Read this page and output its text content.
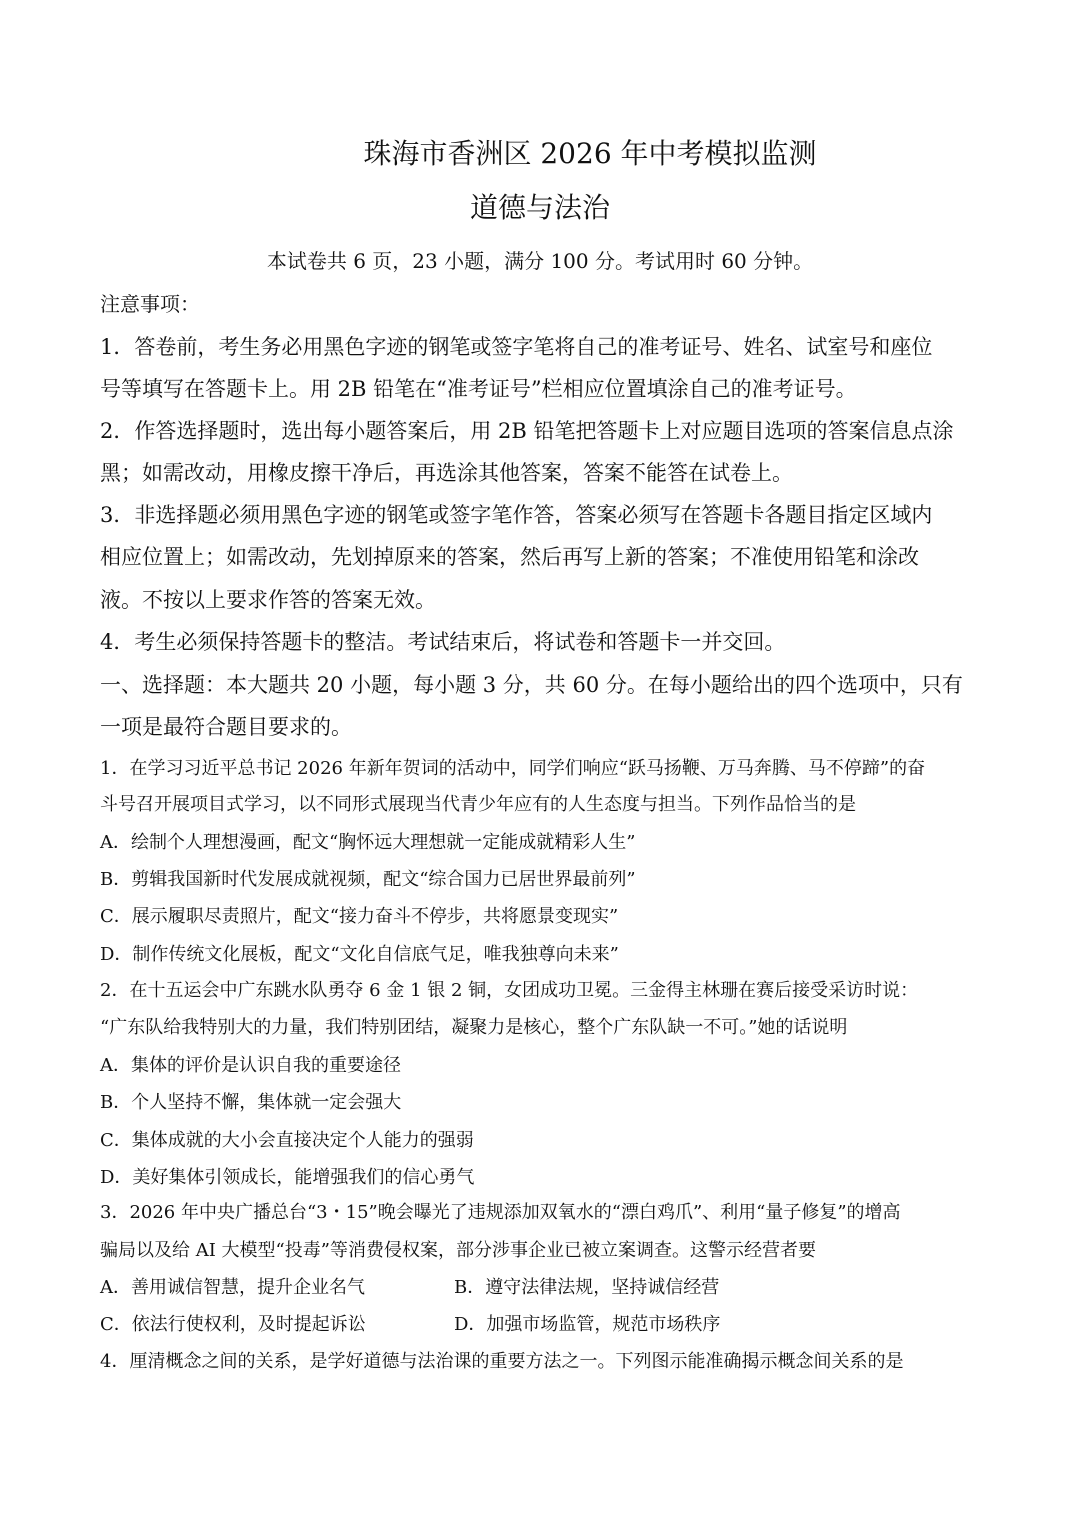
珠海市香洲区 2026 年中考模拟监测
道德与法治
本试卷共 6 页，23 小题，满分 100 分。考试用时 60 分钟。
注意事项：
1．答卷前，考生务必用黑色字迹的钢笔或签字笔将自己的准考证号、姓名、试室号和座位
号等填写在答题卡上。用 2B 铅笔在“准考证号”栏相应位置填涂自己的准考证号。
2．作答选择题时，选出每小题答案后，用 2B 铅笔把答题卡上对应题目选项的答案信息点涂
黑；如需改动，用橡皮擦干净后，再选涂其他答案，答案不能答在试卷上。
3．非选择题必须用黑色字迹的钢笔或签字笔作答，答案必须写在答题卡各题目指定区域内
相应位置上；如需改动，先划掉原来的答案，然后再写上新的答案；不准使用铅笔和涂改
液。不按以上要求作答的答案无效。
4．考生必须保持答题卡的整洁。考试结束后，将试卷和答题卡一并交回。
一、选择题：本大题共 20 小题，每小题 3 分，共 60 分。在每小题给出的四个选项中，只有
一项是最符合题目要求的。
1．在学习习近平总书记 2026 年新年贺词的活动中，同学们响应“跃马扬鞭、万马奔腾、马不停蹄”的奋
斗号召开展项目式学习，以不同形式展现当代青少年应有的人生态度与担当。下列作品恰当的是
A．绘制个人理想漫画，配文“胸怀远大理想就一定能成就精彩人生”
B．剪辑我国新时代发展成就视频，配文“综合国力已居世界最前列”
C．展示履职尽责照片，配文“接力奋斗不停步，共将愿景变现实”
D．制作传统文化展板，配文“文化自信底气足，唯我独尊向未来”
2．在十五运会中广东跳水队勇夺 6 金 1 银 2 铜，女团成功卫冕。三金得主林珊在赛后接受采访时说：
“广东队给我特别大的力量，我们特别团结，凝聚力是核心，整个广东队缺一不可。”她的话说明
A．集体的评价是认识自我的重要途径
B．个人坚持不懈，集体就一定会强大
C．集体成就的大小会直接决定个人能力的强弱
D．美好集体引领成长，能增强我们的信心勇气
3．2026 年中央广播总台“3・15”晚会曝光了违规添加双氧水的“漂白鸡爪”、利用“量子修复”的增高
骗局以及给 AI 大模型“投毒”等消费侵权案，部分涉事企业已被立案调查。这警示经营者要
A．善用诚信智慧，提升企业名气	B．遵守法律法规，坚持诚信经营
C．依法行使权利，及时提起诉讼	D．加强市场监管，规范市场秩序
4．厘清概念之间的关系，是学好道德与法治课的重要方法之一。下列图示能准确揭示概念间关系的是
